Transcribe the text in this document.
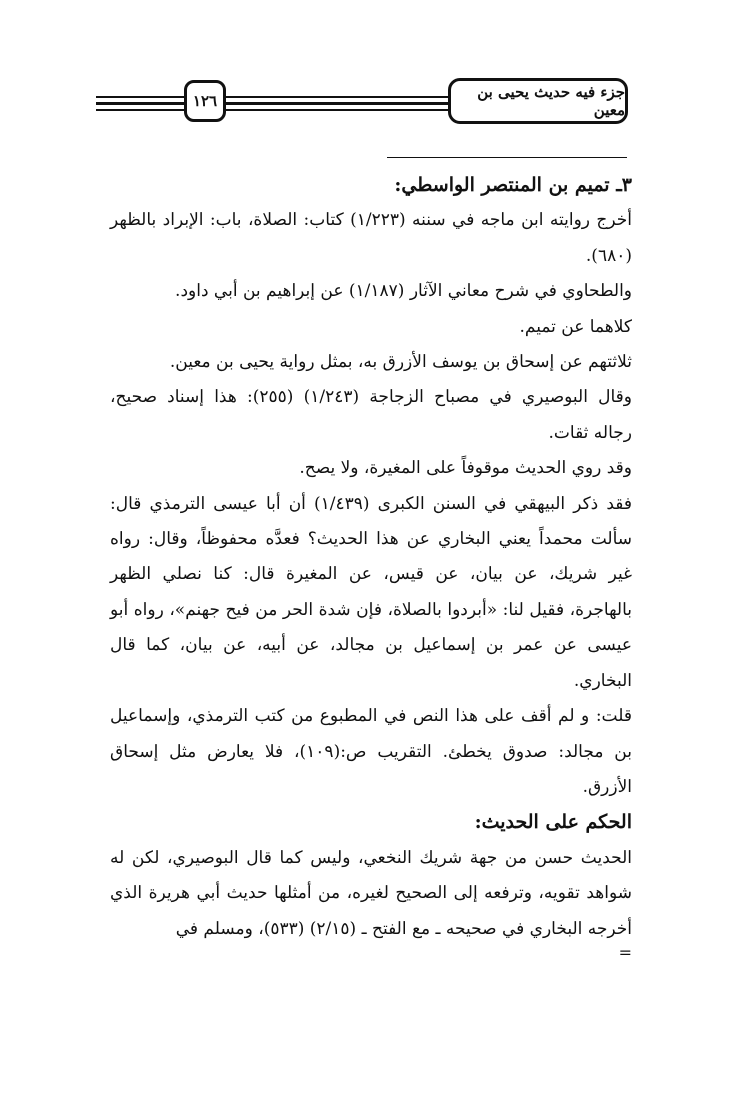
١٢٦	جزء فيه حديث يحيى بن معين

٣ـ تميم بن المنتصر الواسطي:

أخرج روايته ابن ماجه في سننه (١/٢٢٣) كتاب: الصلاة، باب: الإبراد بالظهر (٦٨٠).

والطحاوي في شرح معاني الآثار (١/١٨٧) عن إبراهيم بن أبي داود.

كلاهما عن تميم.

ثلاثتهم عن إسحاق بن يوسف الأزرق به، بمثل رواية يحيى بن معين.

وقال البوصيري في مصباح الزجاجة (١/٢٤٣) (٢٥٥): هذا إسناد صحيح، رجاله ثقات.

وقد روي الحديث موقوفاً على المغيرة، ولا يصح.

فقد ذكر البيهقي في السنن الكبرى (١/٤٣٩) أن أبا عيسى الترمذي قال: سألت محمداً يعني البخاري عن هذا الحديث؟ فعدَّه محفوظاً، وقال: رواه غير شريك، عن بيان، عن قيس، عن المغيرة قال: كنا نصلي الظهر بالهاجرة، فقيل لنا: «أبردوا بالصلاة، فإن شدة الحر من فيح جهنم»، رواه أبو عيسى عن عمر بن إسماعيل بن مجالد، عن أبيه، عن بيان، كما قال البخاري.

قلت: و لم أقف على هذا النص في المطبوع من كتب الترمذي، وإسماعيل بن مجالد: صدوق يخطئ. التقريب ص:(١٠٩)، فلا يعارض مثل إسحاق الأزرق.

الحكم على الحديث:

الحديث حسن من جهة شريك النخعي، وليس كما قال البوصيري، لكن له شواهد تقويه، وترفعه إلى الصحيح لغيره، من أمثلها حديث أبي هريرة الذي أخرجه البخاري في صحيحه ـ مع الفتح ـ (٢/١٥) (٥٣٣)، ومسلم في

=
